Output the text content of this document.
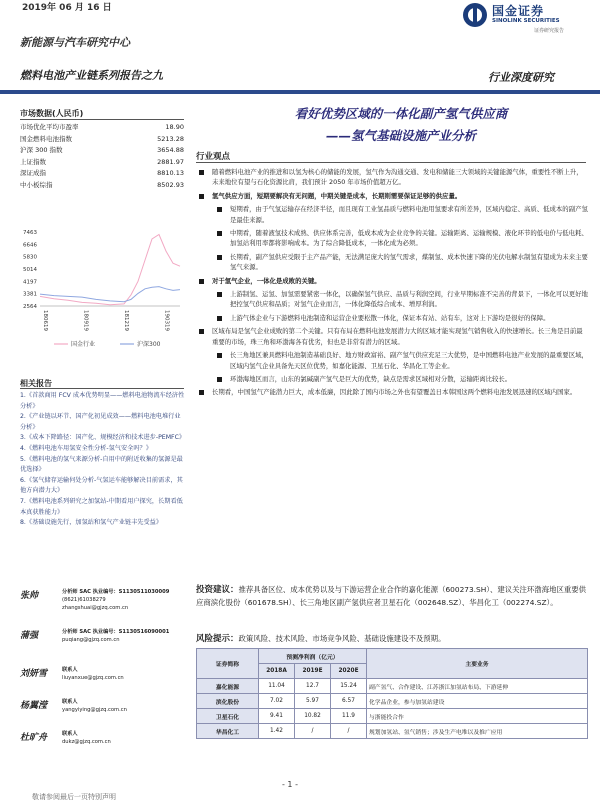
2019年 06 月 16 日	国金证券
SINOLINK SECURITIES
证券研究报告
新能源与汽车研究中心
燃料电池产业链系列报告之九	行业深度研究
市场数据(人民币)
市场优化平均市盈率	18.90
国金燃料电池指数	5213.28
沪深 300 指数	3654.88
上证指数	2881.97
深证成指	8810.13
中小板综指	8502.93
7463
6646
5830
5014
4197
3381
2564
180619	180919	181219	190319
国金行业	沪深300
相关报告
1.《首款商用 FCV 成本优势明显——燃料电池物流车经济性分析》
2.《产业链以环节、国产化初见成效——燃料电池电堆行业分析》
3.《成本下降路径：国产化、规模经济和技术进步-PEMFC》
4.《燃料电池车用氢安全性分析-氢气安全吗？》
5.《燃料电池的氢气来源分析-自用中的附近收集的氢源是最优选择》
6.《氢气储存运输何处分析-气氢运车能够解决目前需求，其他方向潜力大》
7.《燃料电池系列研究之加氢站-中期看用户探究，长期看低本真获胜能力》
8.《基础设施先行，加氢站和氢气产业链丰先受益》
张帅	分析师 SAC 执业编号：S1130511030009
(8621)61038279
zhangshuai@gjzq.com.cn
蒲强	分析师 SAC 执业编号：S1130516090001
puqiang@gjzq.com.cn
刘妍雪	联系人
liuyanxue@gjzq.com.cn
杨翼滢	联系人
yangyiying@gjzq.com.cn
杜旷舟	联系人
dukz@gjzq.com.cn
看好优势区域的一体化副产氢气供应商
——氢气基础设施产业分析
行业观点
随着燃料电池产业的推进和以氢为核心的储能的发展，氢气作为沟通交通、发电和储能三大领域的关键能源气体，重要性不断上升，未来地位有望与石化资源比肩，我们预计 2050 年市场价值超万亿。
氢气供应方面，短期要解决有无问题，中期关键是成本，长期则需要保证足够的供应量。
短期看，由于气氢运输存在经济半径，而且现有工业氢品质与燃料电池用氢要求有所差异，区域内稳定、高质、低成本的副产氢是最佳来源。
中期看，随着液氢技术成熟、供应体系完善，低成本成为企业竞争的关键。运输距离、运输规模、液化环节的低电价与低电耗、加氢站利用率都将影响成本。为了综合降低成本，一体化成为必须。
长期看，副产氢供应受限于主产品产能，无法满足庞大的氢气需求，煤制氢、成本快速下降的光伏电解水制氢有望成为未来主要氢气来源。
对于氢气企业，一体化是成败的关键。
上游制氢、运氢、加氢需要紧密一体化，以确保氢气供应、品质与利润空间，行业早期标准不完善的背景下，一体化可以更好地把控氢气供应和品质；对氢气企业而言，一体化降低综合成本、增厚利润。
上游气体企业与下游燃料电池制造和运营企业要松散一体化，保证本有站、站有车，这对上下游均是很好的保障。
区域布局是氢气企业成败的第二个关键。只有布局在燃料电池发展潜力大的区域才能实现氢气销售收入的快速增长。长三角是目前最重要的市场，珠三角和环渤海各有优劣，但也是非常有潜力的区域。
长三角地区兼具燃料电池制造基础良好、地方财政富裕、副产氢气供应充足三大优势，是中国燃料电池产业发展的最重要区域，区域内氢气企业具备先天区位优势，如嘉化能源、卫星石化、华昌化工等企业。
环渤海地区而言，山东的氯碱副产氢气是巨大的优势，缺点是需求区域相对分散，运输距离比较长。
长期看，中国氢气产能潜力巨大，成本低廉，因此除了国内市场之外也有望覆盖日本韩国这两个燃料电池发展迅速的区域内国家。
投资建议：推荐具备区位、成本优势以及与下游运营企业合作的嘉化能源（600273.SH）、建议关注环渤海地区重要供应商滨化股份（601678.SH）、长三角地区副产氢供应者卫星石化（002648.SZ）、华昌化工（002274.SZ）。
风险提示：政策风险、技术风险、市场竞争风险、基础设施建设不及预期。
证券简称	预测净利润（亿元）			主要业务
	2018A	2019E	2020E	
嘉化能源	11.04	12.7	15.24	副产氢气、合作建设、江苏浙江加氢站布局、下游延伸
滨化股份	7.02	5.97	6.57	化学品企业，参与加氢站建设
卫星石化	9.41	10.82	11.9	与浙能投合作
华昌化工	1.42	/	/	规划加氢站、氢气销售；涉及生产电堆以及推广应用
- 1 -
敬请参阅最后一页特别声明
